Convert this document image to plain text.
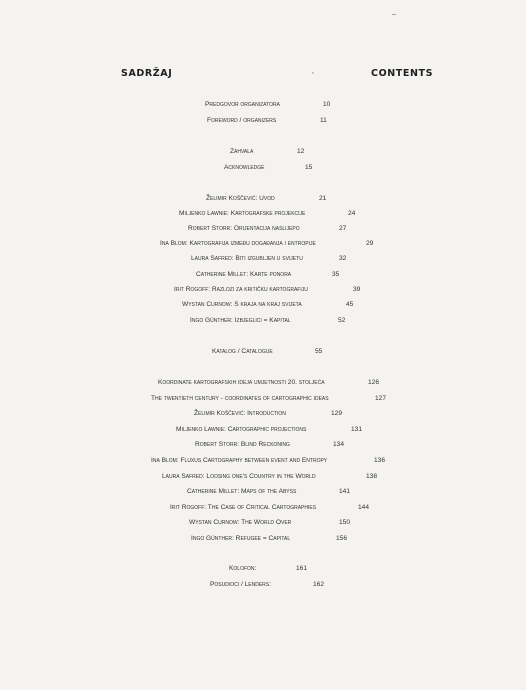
–
SADRŽAJ	CONTENTS
Predgovor organizatora	10
Foreword / organizers	11
Zahvala	12
Acknowledge	15
Želimir Koščević: Uvod	21
Miljenko Lawnie: Kartografske projekcije	24
Robert Storr: Orijentacija naslijepo	27
Ina Blom: Kartografija između događanja i entropije	29
Laura Safred: Biti izgubljen u svijetu	32
Catherine Millet: Karte ponora	35
Irit Rogoff: Razlozi za kritičku kartografiju	39
Wystan Curnow: S kraja na kraj svijeta	45
Ingo Günther: Izbjeglici = Kapital	52
Katalog / Catalogue	55
Koordinate kartografskih ideja umjetnosti 20. stoljeća	126
The twentieth century - coordinates of cartographic ideas	127
Želimir Koščević: Introduction	129
Miljenko Lawnie: Cartographic projections	131
Robert Storr: Blind Reckoning	134
Ina Blom: Fluxus Cartography between event and Entropy	136
Laura Safred: Loosing one's Country in the World	138
Catherine Millet: Maps of the Abyss	141
Irit Rogoff: The Case of Critical Cartographies	144
Wystan Curnow: The World Over	150
Ingo Günther: Refugee = Capital	156
Kolofon:	161
Posudioci / Lenders:	162
